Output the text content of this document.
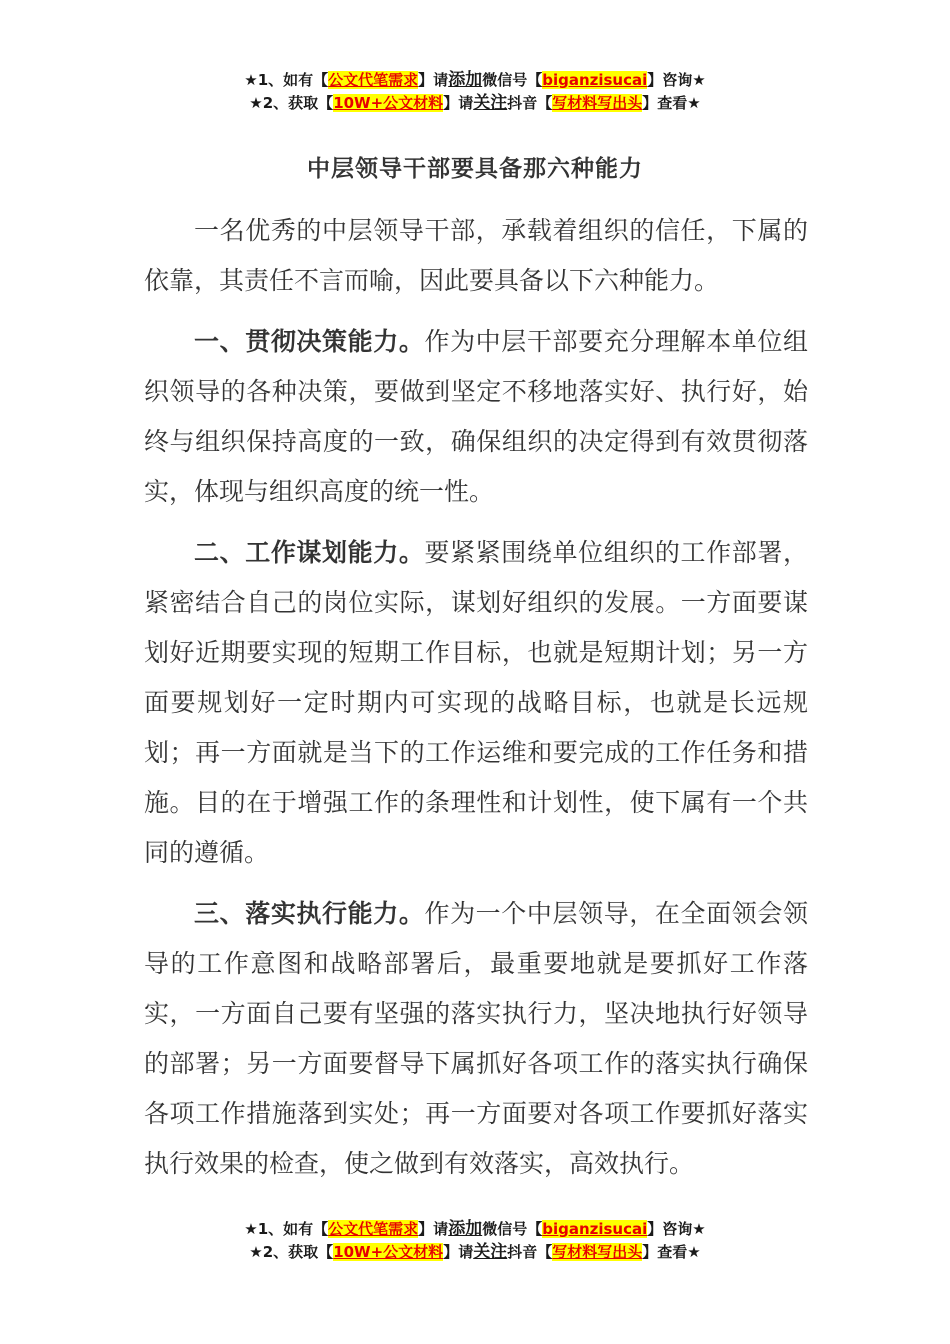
★1、如有【公文代笔需求】请添加微信号【biganzisucai】咨询★
★2、获取【10W+公文材料】请关注抖音【写材料写出头】查看★
中层领导干部要具备那六种能力

一名优秀的中层领导干部，承载着组织的信任，下属的依靠，其责任不言而喻，因此要具备以下六种能力。

一、贯彻决策能力。作为中层干部要充分理解本单位组织领导的各种决策，要做到坚定不移地落实好、执行好，始终与组织保持高度的一致，确保组织的决定得到有效贯彻落实，体现与组织高度的统一性。

二、工作谋划能力。要紧紧围绕单位组织的工作部署，紧密结合自己的岗位实际，谋划好组织的发展。一方面要谋划好近期要实现的短期工作目标，也就是短期计划；另一方面要规划好一定时期内可实现的战略目标，也就是长远规划；再一方面就是当下的工作运维和要完成的工作任务和措施。目的在于增强工作的条理性和计划性，使下属有一个共同的遵循。

三、落实执行能力。作为一个中层领导，在全面领会领导的工作意图和战略部署后，最重要地就是要抓好工作落实，一方面自己要有坚强的落实执行力，坚决地执行好领导的部署；另一方面要督导下属抓好各项工作的落实执行确保各项工作措施落到实处；再一方面要对各项工作要抓好落实执行效果的检查，使之做到有效落实，高效执行。

★1、如有【公文代笔需求】请添加微信号【biganzisucai】咨询★
★2、获取【10W+公文材料】请关注抖音【写材料写出头】查看★
